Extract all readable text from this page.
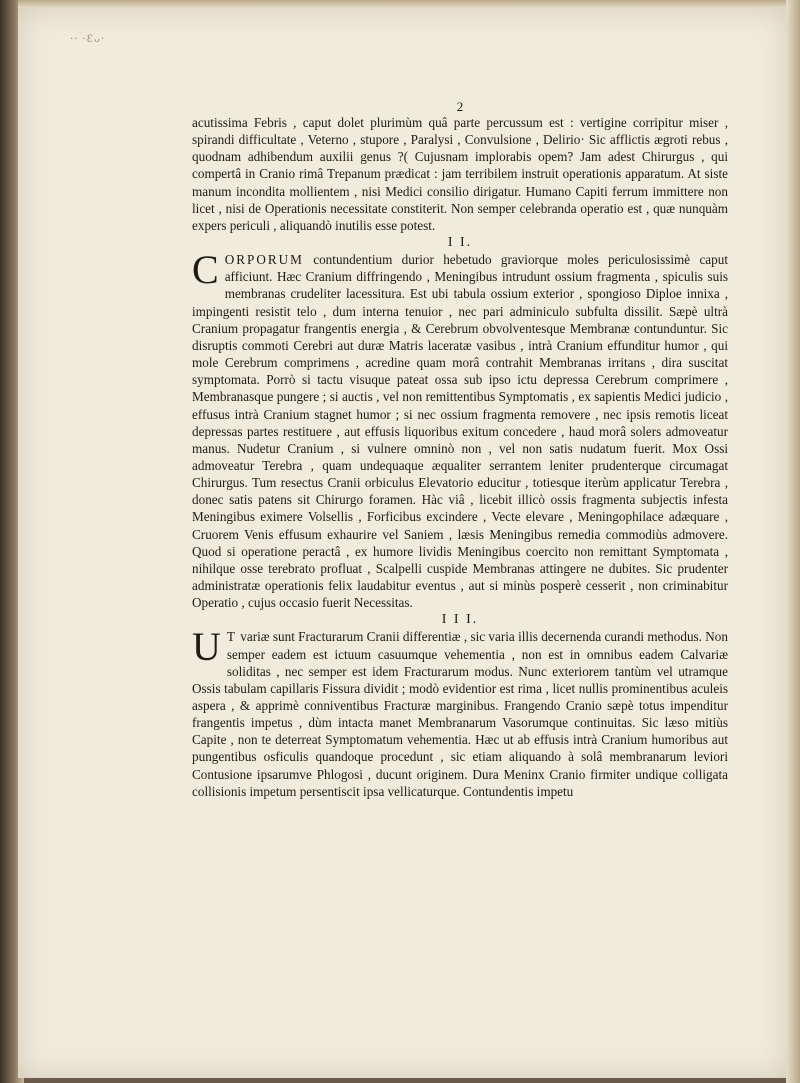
·· ·Ɛᴗ·
2

acutissima Febris , caput dolet plurimùm quâ parte percussum est : vertigine corripitur miser , spirandi difficultate , Veterno , stupore , Paralysi , Convulsione , Delirio· Sic afflictis ægroti rebus , quodnam adhibendum auxilii genus ?( Cujusnam implorabis opem? Jam adest Chirurgus , qui compertâ in Cranio rimâ Trepanum prædicat : jam terribilem instruit operationis apparatum. At siste manum incondita mollientem , nisi Medici consilio dirigatur. Humano Capiti ferrum immittere non licet , nisi de Operationis necessitate constiterit. Non semper celebranda operatio est , quæ nunquàm expers periculi , aliquandò inutilis esse potest.

I I.
C ORPORUM contundentium durior hebetudo graviorque moles periculosissimè caput afficiunt. Hæc Cranium diffringendo , Meningibus intrudunt ossium fragmenta , spiculis suis membranas crudeliter lacessitura. Est ubi tabula ossium exterior , spongioso Diploe innixa , impingenti resistit telo , dum interna tenuior , nec pari adminiculo subfulta dissilit. Sæpè ultrà Cranium propagatur frangentis energia , & Cerebrum obvolventesque Membranæ contunduntur. Sic disruptis commoti Cerebri aut duræ Matris laceratæ vasibus , intrà Cranium effunditur humor , qui mole Cerebrum comprimens , acredine quam morâ contrahit Membranas irritans , dira suscitat symptomata. Porrò si tactu visuque pateat ossa sub ipso ictu depressa Cerebrum comprimere , Membranasque pungere ; si auctis , vel non remittentibus Symptomatis , ex sapientis Medici judicio , effusus intrà Cranium stagnet humor ; si nec ossium fragmenta removere , nec ipsis remotis liceat depressas partes restituere , aut effusis liquoribus exitum concedere , haud morâ solers admoveatur manus. Nudetur Cranium , si vulnere omninò non , vel non satis nudatum fuerit. Mox Ossi admoveatur Terebra , quam undequaque æqualiter serrantem leniter prudenterque circumagat Chirurgus. Tum resectus Cranii orbiculus Elevatorio educitur , totiesque iterùm applicatur Terebra , donec satis patens sit Chirurgo foramen. Hàc viâ , licebit illicò ossis fragmenta subjectis infesta Meningibus eximere Volsellis , Forficibus excindere , Vecte elevare , Meningophilace adæquare , Cruorem Venis effusum exhaurire vel Saniem , læsis Meningibus remedia commodiùs admovere. Quod si operatione peractâ , ex humore lividis Meningibus coercito non remittant Symptomata , nihilque osse terebrato profluat , Scalpelli cuspide Membranas attingere ne dubites. Sic prudenter administratæ operationis felix laudabitur eventus , aut si minùs posperè cesserit , non criminabitur Operatio , cujus occasio fuerit Necessitas.

I I I.
U T variæ sunt Fracturarum Cranii differentiæ , sic varia illis decernenda curandi methodus. Non semper eadem est ictuum casuumque vehementia , non est in omnibus eadem Calvariæ soliditas , nec semper est idem Fracturarum modus. Nunc exteriorem tantùm vel utramque Ossis tabulam capillaris Fissura dividit ; modò evidentior est rima , licet nullis prominentibus aculeis aspera , & apprimè conniventibus Fracturæ marginibus. Frangendo Cranio sæpè totus impenditur frangentis impetus , dùm intacta manet Membranarum Vasorumque continuitas. Sic læso mitiùs Capite , non te deterreat Symptomatum vehementia. Hæc ut ab effusis intrà Cranium humoribus aut pungentibus osficulis quandoque procedunt , sic etiam aliquando à solâ membranarum leviori Contusione ipsarumve Phlogosi , ducunt originem. Dura Meninx Cranio firmiter undique colligata collisionis impetum persentiscit ipsa vellicaturque. Contundentis impetu
